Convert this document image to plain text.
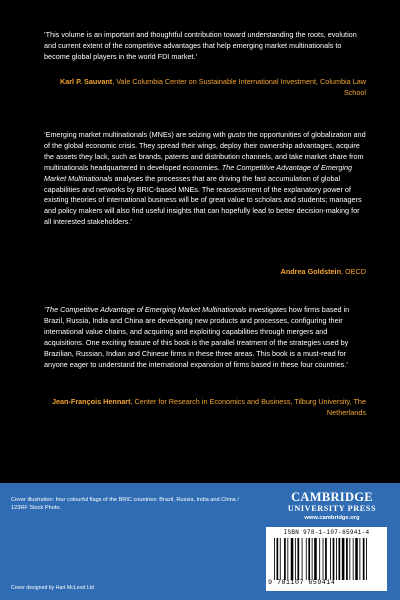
‘This volume is an important and thoughtful contribution toward understanding the roots, evolution and current extent of the competitive advantages that help emerging market multinationals to become global players in the world FDI market.’
Karl P. Sauvant, Vale Columbia Center on Sustainable International Investment, Columbia Law School
‘Emerging market multinationals (MNEs) are seizing with gusto the opportunities of globalization and of the global economic crisis. They spread their wings, deploy their ownership advantages, acquire the assets they lack, such as brands, patents and distribution channels, and take market share from multinationals headquartered in developed economies. The Competitive Advantage of Emerging Market Multinationals analyses the processes that are driving the fast accumulation of global capabilities and networks by BRIC-based MNEs. The reassessment of the explanatory power of existing theories of international business will be of great value to scholars and students; managers and policy makers will also find useful insights that can hopefully lead to better decision-making for all interested stakeholders.’
Andrea Goldstein, OECD
‘The Competitive Advantage of Emerging Market Multinationals investigates how firms based in Brazil, Russia, India and China are developing new products and processes, configuring their international value chains, and acquiring and exploiting capabilities through mergers and acquisitions. One exciting feature of this book is the parallel treatment of the strategies used by Brazilian, Russian, Indian and Chinese firms in these three areas. This book is a must-read for anyone eager to understand the international expansion of firms based in these four countries.’
Jean-François Hennart, Center for Research in Economics and Business, Tilburg University, The Netherlands
Cover illustration: four colourful flags of the BRIC countries: Brazil, Russia, India and China / 123RF Stock Photo.
Cover designed by Hart McLeod Ltd
CAMBRIDGE
UNIVERSITY PRESS
www.cambridge.org
ISBN 978-1-107-65941-4
9 781107 659414
